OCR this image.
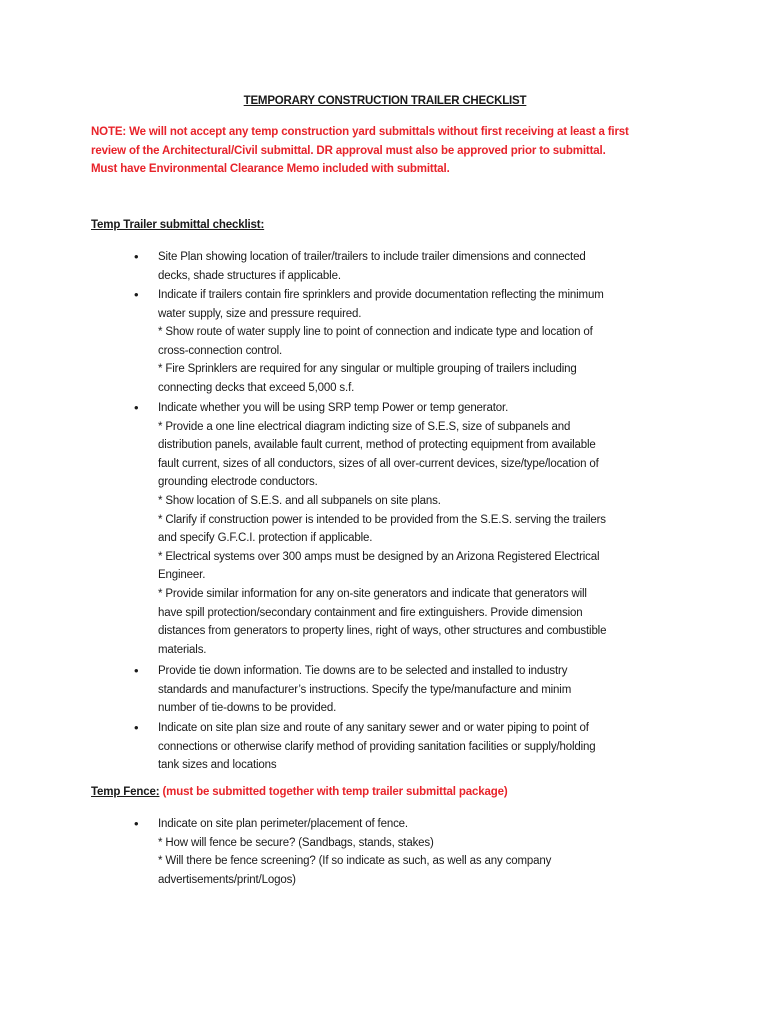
TEMPORARY CONSTRUCTION TRAILER CHECKLIST
NOTE: We will not accept any temp construction yard submittals without first receiving at least a first
review of the Architectural/Civil submittal. DR approval must also be approved prior to submittal.
Must have Environmental Clearance Memo included with submittal.
Temp Trailer submittal checklist:
• Site Plan showing location of trailer/trailers to include trailer dimensions and connected
decks, shade structures if applicable.
• Indicate if trailers contain fire sprinklers and provide documentation reflecting the minimum
water supply, size and pressure required.
* Show route of water supply line to point of connection and indicate type and location of
cross-connection control.
* Fire Sprinklers are required for any singular or multiple grouping of trailers including
connecting decks that exceed 5,000 s.f.
• Indicate whether you will be using SRP temp Power or temp generator.
* Provide a one line electrical diagram indicting size of S.E.S, size of subpanels and
distribution panels, available fault current, method of protecting equipment from available
fault current, sizes of all conductors, sizes of all over-current devices, size/type/location of
grounding electrode conductors.
* Show location of S.E.S. and all subpanels on site plans.
* Clarify if construction power is intended to be provided from the S.E.S. serving the trailers
and specify G.F.C.I. protection if applicable.
* Electrical systems over 300 amps must be designed by an Arizona Registered Electrical
Engineer.
* Provide similar information for any on-site generators and indicate that generators will
have spill protection/secondary containment and fire extinguishers. Provide dimension
distances from generators to property lines, right of ways, other structures and combustible
materials.
• Provide tie down information. Tie downs are to be selected and installed to industry
standards and manufacturer’s instructions. Specify the type/manufacture and minim
number of tie-downs to be provided.
• Indicate on site plan size and route of any sanitary sewer and or water piping to point of
connections or otherwise clarify method of providing sanitation facilities or supply/holding
tank sizes and locations
Temp Fence: (must be submitted together with temp trailer submittal package)
• Indicate on site plan perimeter/placement of fence.
* How will fence be secure? (Sandbags, stands, stakes)
* Will there be fence screening? (If so indicate as such, as well as any company
advertisements/print/Logos)
